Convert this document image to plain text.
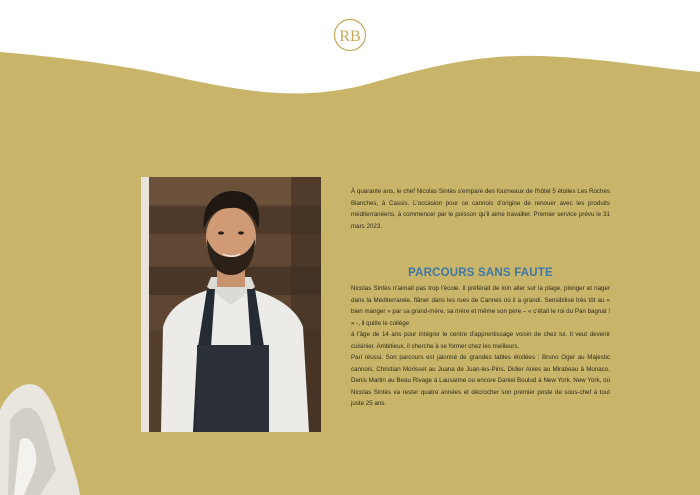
RB
LES ROCHES
BLANCHES
À quarante ans, le chef Nicolas Sintès s'empare des fourneaux de l'hôtel 5 étoiles Les Roches Blanches, à Cassis. L'occasion pour ce cannois d'origine de renouer avec les produits méditerranéens, à commencer par le poisson qu'il aime travailler. Premier service prévu le 31 mars 2023.
PARCOURS SANS FAUTE

Nicolas Sintès n'aimait pas trop l'école. Il préférait de loin aller sur la plage, plonger et nager dans la Méditerranée, flâner dans les rues de Cannes où il a grandi. Sensibilisé très tôt au « bien manger » par sa grand-mère, sa mère et même son père – « c'était le roi du Pan bagnat ! » -, il quitte le collège

à l'âge de 14 ans pour intégrer le centre d'apprentissage voisin de chez lui. Il veut devenir cuisinier. Ambitieux, il cherche à se former chez les meilleurs.

Pari réussi. Son parcours est jalonné de grandes tables étoilées : Bruno Oger au Majestic cannois, Christian Morisset au Juana de Juan-les-Pins, Didier Anies au Mirabeau à Monaco, Denis Martin au Beau Rivage à Lausanne ou encore Daniel Boulud à New York. New York, où Nicolas Sintès va rester quatre années et décrocher son premier poste de sous-chef à tout juste 25 ans.
